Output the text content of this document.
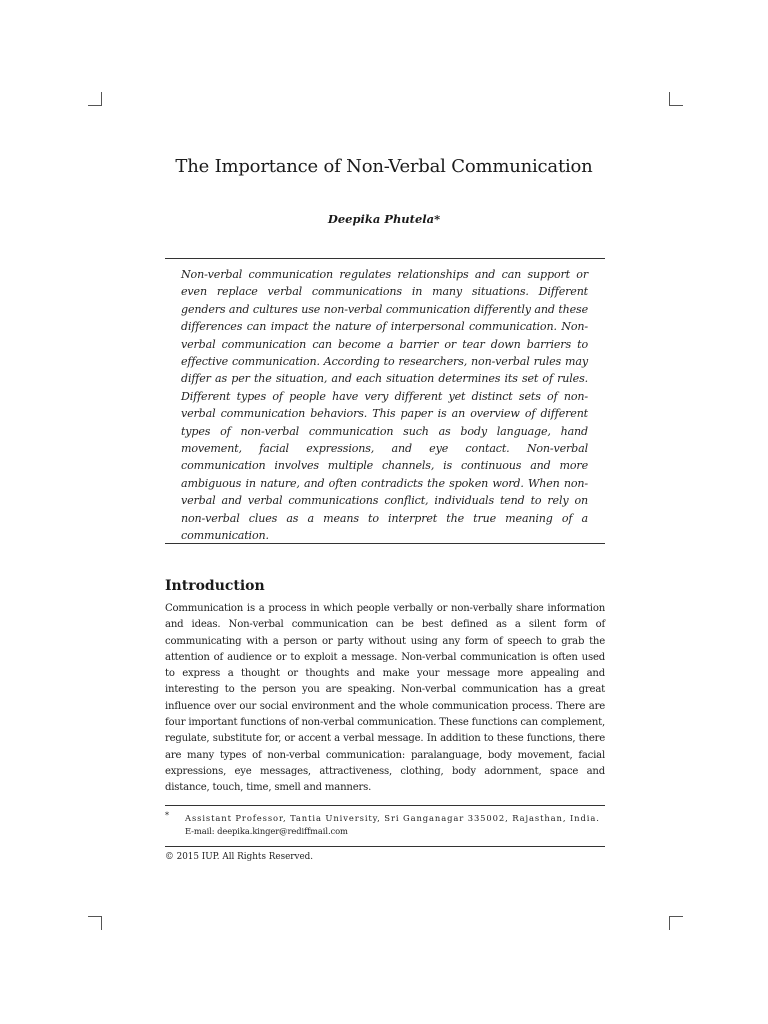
The Importance of Non-Verbal Communication
Deepika Phutela*
Non-verbal communication regulates relationships and can support or even replace verbal communications in many situations. Different genders and cultures use non-verbal communication differently and these differences can impact the nature of interpersonal communication. Non-verbal communication can become a barrier or tear down barriers to effective communication. According to researchers, non-verbal rules may differ as per the situation, and each situation determines its set of rules. Different types of people have very different yet distinct sets of non-verbal communication behaviors. This paper is an overview of different types of non-verbal communication such as body language, hand movement, facial expressions, and eye contact. Non-verbal communication involves multiple channels, is continuous and more ambiguous in nature, and often contradicts the spoken word. When non-verbal and verbal communications conflict, individuals tend to rely on non-verbal clues as a means to interpret the true meaning of a communication.
Introduction
Communication is a process in which people verbally or non-verbally share information and ideas. Non-verbal communication can be best defined as a silent form of communicating with a person or party without using any form of speech to grab the attention of audience or to exploit a message. Non-verbal communication is often used to express a thought or thoughts and make your message more appealing and interesting to the person you are speaking. Non-verbal communication has a great influence over our social environment and the whole communication process. There are four important functions of non-verbal communication. These functions can complement, regulate, substitute for, or accent a verbal message. In addition to these functions, there are many types of non-verbal communication: paralanguage, body movement, facial expressions, eye messages, attractiveness, clothing, body adornment, space and distance, touch, time, smell and manners.
* Assistant Professor, Tantia University, Sri Ganganagar 335002, Rajasthan, India.
E-mail: deepika.kinger@rediffmail.com
© 2015 IUP. All Rights Reserved.
